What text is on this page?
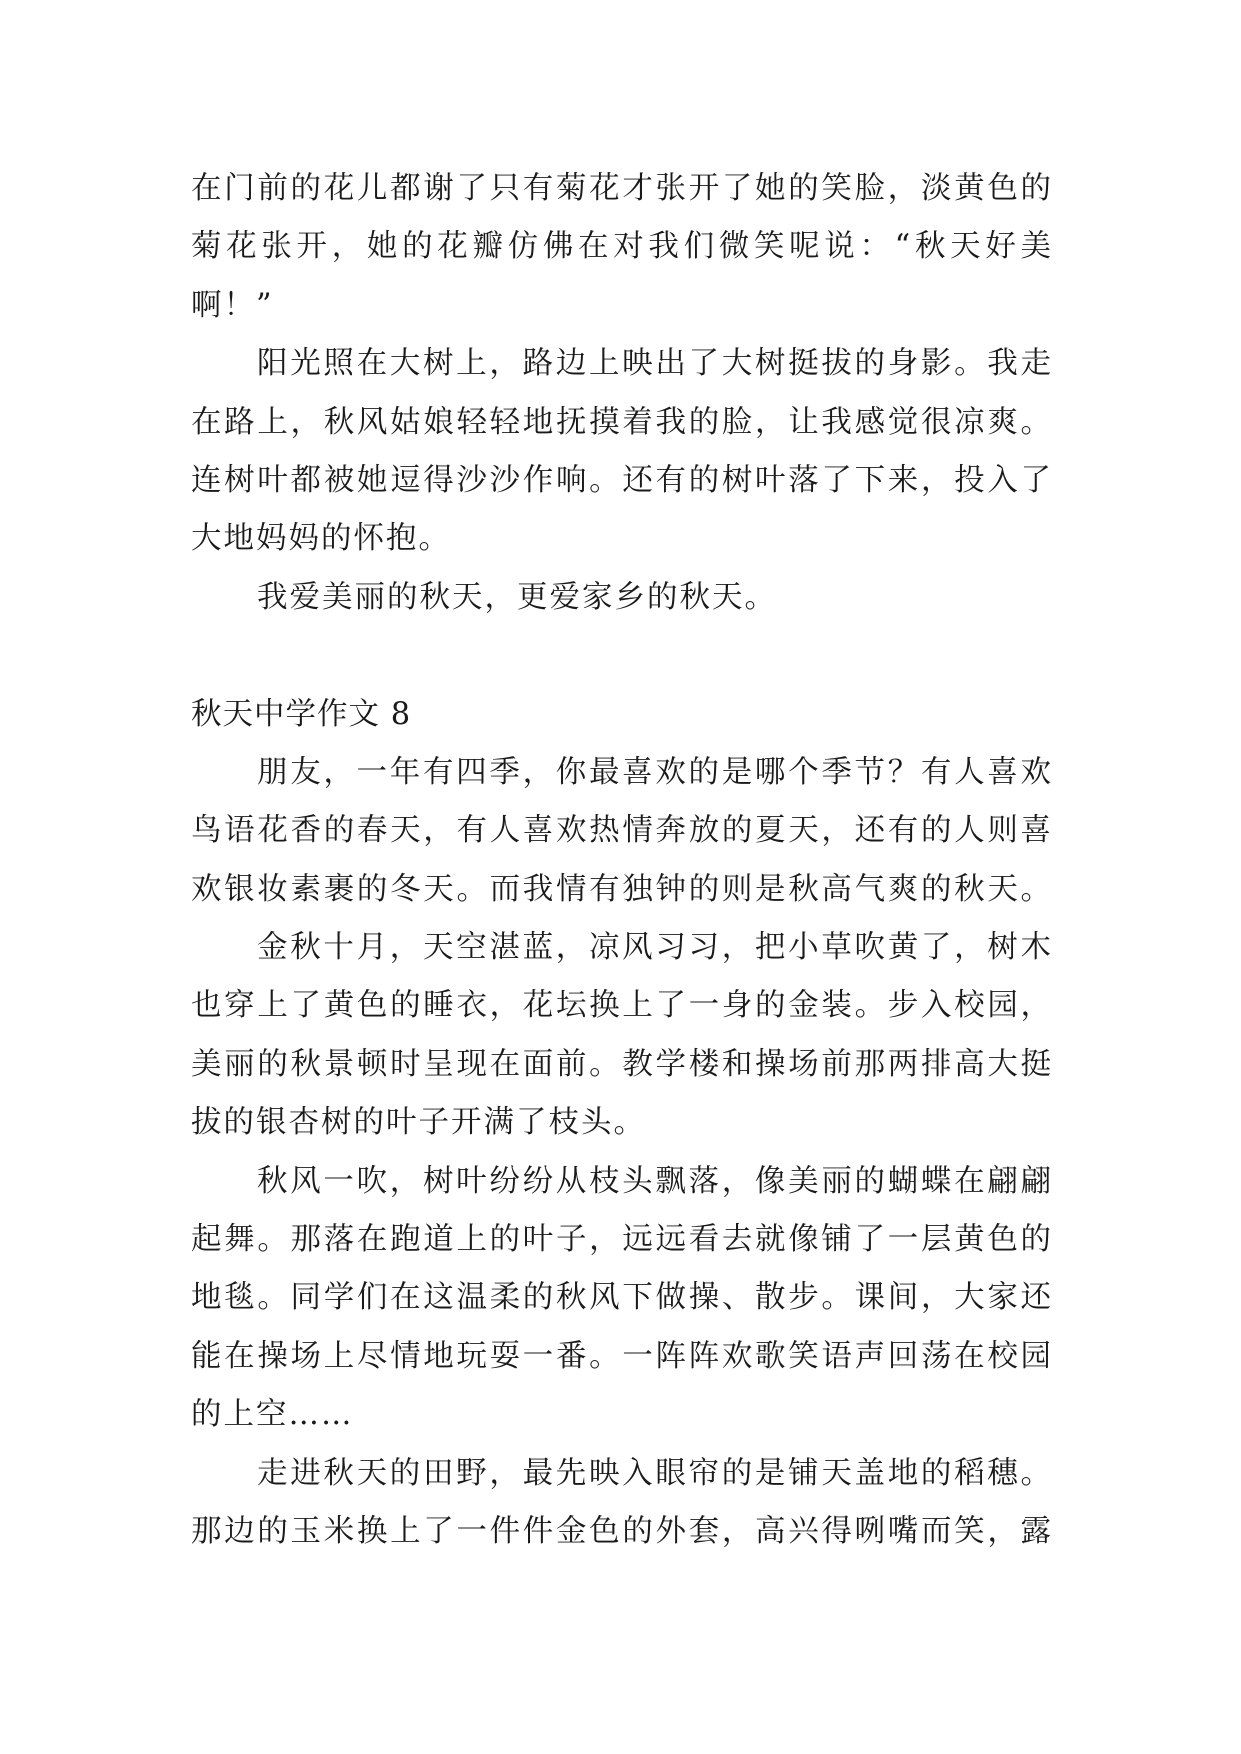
在门前的花儿都谢了只有菊花才张开了她的笑脸，淡黄色的
菊花张开，她的花瓣仿佛在对我们微笑呢说：“秋天好美
啊！”
阳光照在大树上，路边上映出了大树挺拔的身影。我走
在路上，秋风姑娘轻轻地抚摸着我的脸，让我感觉很凉爽。
连树叶都被她逗得沙沙作响。还有的树叶落了下来，投入了
大地妈妈的怀抱。
我爱美丽的秋天，更爱家乡的秋天。
秋天中学作文 8
朋友，一年有四季，你最喜欢的是哪个季节？有人喜欢
鸟语花香的春天，有人喜欢热情奔放的夏天，还有的人则喜
欢银妆素裹的冬天。而我情有独钟的则是秋高气爽的秋天。
金秋十月，天空湛蓝，凉风习习，把小草吹黄了，树木
也穿上了黄色的睡衣，花坛换上了一身的金装。步入校园，
美丽的秋景顿时呈现在面前。教学楼和操场前那两排高大挺
拔的银杏树的叶子开满了枝头。
秋风一吹，树叶纷纷从枝头飘落，像美丽的蝴蝶在翩翩
起舞。那落在跑道上的叶子，远远看去就像铺了一层黄色的
地毯。同学们在这温柔的秋风下做操、散步。课间，大家还
能在操场上尽情地玩耍一番。一阵阵欢歌笑语声回荡在校园
的上空……
走进秋天的田野，最先映入眼帘的是铺天盖地的稻穗。
那边的玉米换上了一件件金色的外套，高兴得咧嘴而笑，露
